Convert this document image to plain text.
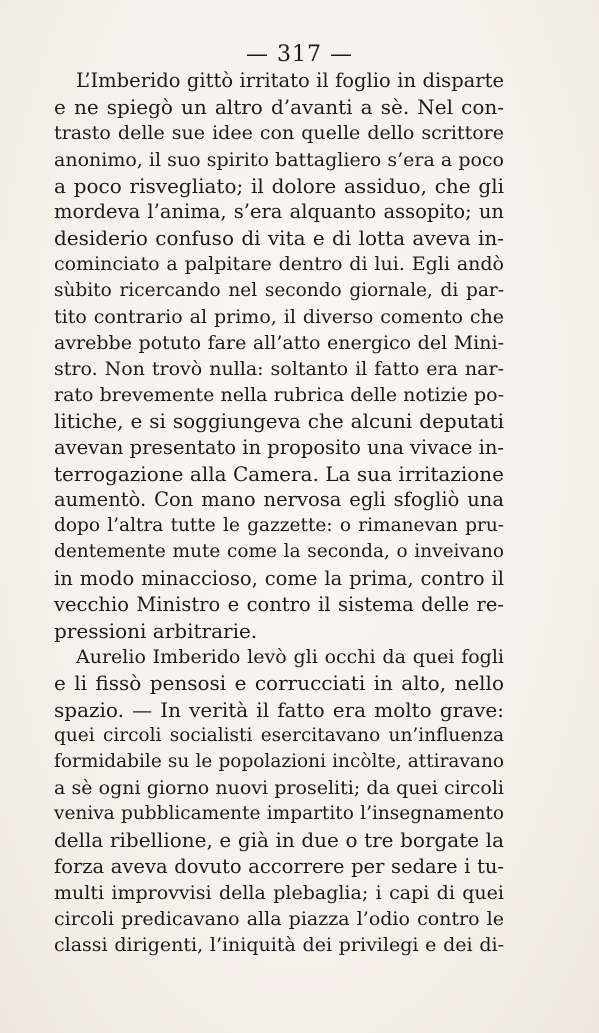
— 317 —
L’Imberido gittò irritato il foglio in disparte
e ne spiegò un altro d’avanti a sè. Nel con-
trasto delle sue idee con quelle dello scrittore
anonimo, il suo spirito battagliero s’era a poco
a poco risvegliato; il dolore assiduo, che gli
mordeva l’anima, s’era alquanto assopito; un
desiderio confuso di vita e di lotta aveva in-
cominciato a palpitare dentro di lui. Egli andò
sùbito ricercando nel secondo giornale, di par-
tito contrario al primo, il diverso comento che
avrebbe potuto fare all’atto energico del Mini-
stro. Non trovò nulla: soltanto il fatto era nar-
rato brevemente nella rubrica delle notizie po-
litiche, e si soggiungeva che alcuni deputati
avevan presentato in proposito una vivace in-
terrogazione alla Camera. La sua irritazione
aumentò. Con mano nervosa egli sfogliò una
dopo l’altra tutte le gazzette: o rimanevan pru-
dentemente mute come la seconda, o inveivano
in modo minaccioso, come la prima, contro il
vecchio Ministro e contro il sistema delle re-
pressioni arbitrarie.
Aurelio Imberido levò gli occhi da quei fogli
e li fissò pensosi e corrucciati in alto, nello
spazio. — In verità il fatto era molto grave:
quei circoli socialisti esercitavano un’influenza
formidabile su le popolazioni incòlte, attiravano
a sè ogni giorno nuovi proseliti; da quei circoli
veniva pubblicamente impartito l’insegnamento
della ribellione, e già in due o tre borgate la
forza aveva dovuto accorrere per sedare i tu-
multi improvvisi della plebaglia; i capi di quei
circoli predicavano alla piazza l’odio contro le
classi dirigenti, l’iniquità dei privilegi e dei di-
